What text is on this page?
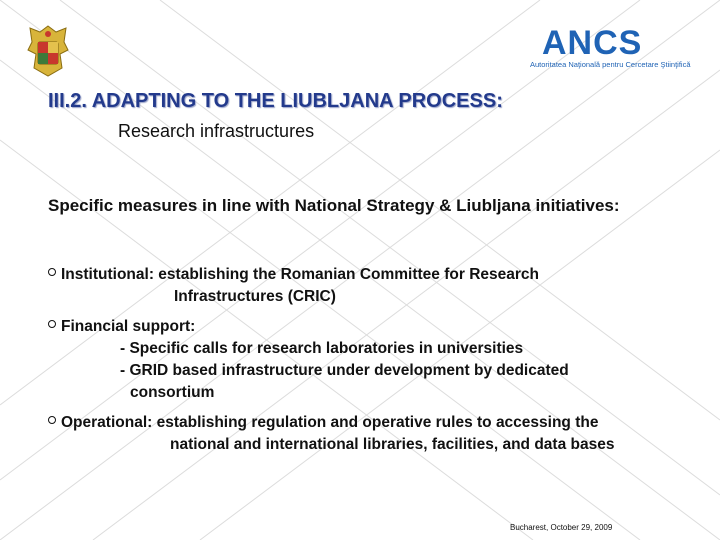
ANCS
Autoritatea Naţională pentru Cercetare Ştiinţifică
III.2. ADAPTING TO THE LIUBLJANA PROCESS:
Research infrastructures
Specific measures in line with National Strategy & Liubljana initiatives:
Institutional: establishing the Romanian Committee for Research
Infrastructures (CRIC)
Financial support:
- Specific calls for research laboratories in universities
- GRID based infrastructure under development by dedicated
consortium
Operational: establishing regulation and operative rules to accessing the
national and international libraries, facilities, and data bases
Bucharest, October 29, 2009
